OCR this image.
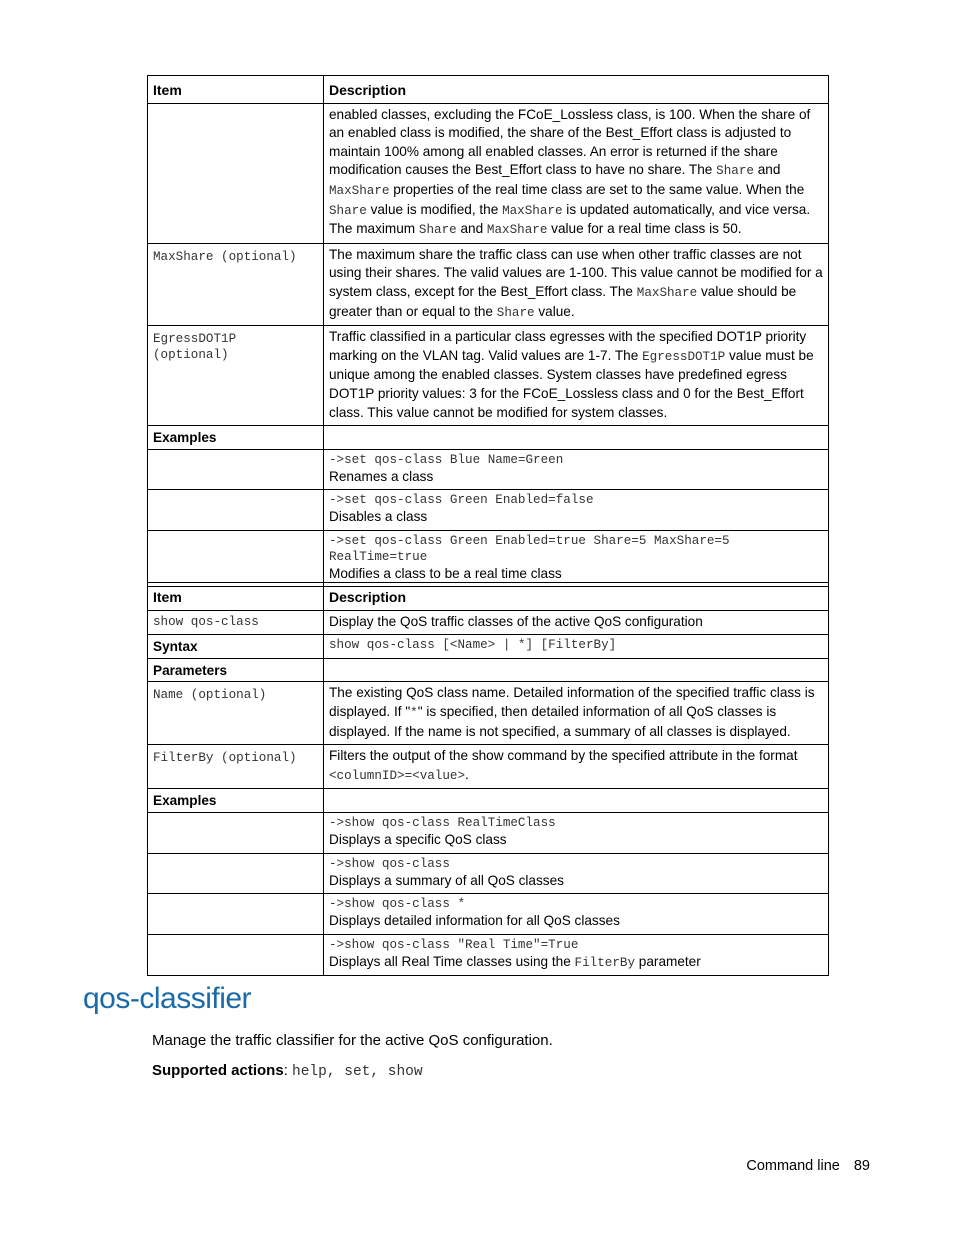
Item	Description
	enabled classes, excluding the FCoE_Lossless class, is 100. When the share of an enabled class is modified, the share of the Best_Effort class is adjusted to maintain 100% among all enabled classes. An error is returned if the share modification causes the Best_Effort class to have no share. The Share and MaxShare properties of the real time class are set to the same value. When the Share value is modified, the MaxShare is updated automatically, and vice versa. The maximum Share and MaxShare value for a real time class is 50.
MaxShare (optional)	The maximum share the traffic class can use when other traffic classes are not using their shares. The valid values are 1-100. This value cannot be modified for a system class, except for the Best_Effort class. The MaxShare value should be greater than or equal to the Share value.
EgressDOT1P (optional)	Traffic classified in a particular class egresses with the specified DOT1P priority marking on the VLAN tag. Valid values are 1-7. The EgressDOT1P value must be unique among the enabled classes. System classes have predefined egress DOT1P priority values: 3 for the FCoE_Lossless class and 0 for the Best_Effort class. This value cannot be modified for system classes.
Examples	

	->set qos-class Blue Name=Green
Renames a class

	->set qos-class Green Enabled=false
Disables a class

	->set qos-class Green Enabled=true Share=5 MaxShare=5 RealTime=true
Modifies a class to be a real time class
Item	Description
show qos-class	Display the QoS traffic classes of the active QoS configuration
Syntax	show qos-class [<Name> | *] [FilterBy]
Parameters	
Name (optional)	The existing QoS class name. Detailed information of the specified traffic class is displayed. If "*" is specified, then detailed information of all QoS classes is displayed. If the name is not specified, a summary of all classes is displayed.
FilterBy (optional)	Filters the output of the show command by the specified attribute in the format <columnID>=<value>.
Examples	

	->show qos-class RealTimeClass
Displays a specific QoS class

	->show qos-class
Displays a summary of all QoS classes

	->show qos-class *
Displays detailed information for all QoS classes

	->show qos-class "Real Time"=True
Displays all Real Time classes using the FilterBy parameter
qos-classifier
Manage the traffic classifier for the active QoS configuration.
Supported actions: help, set, show
Command line 89
